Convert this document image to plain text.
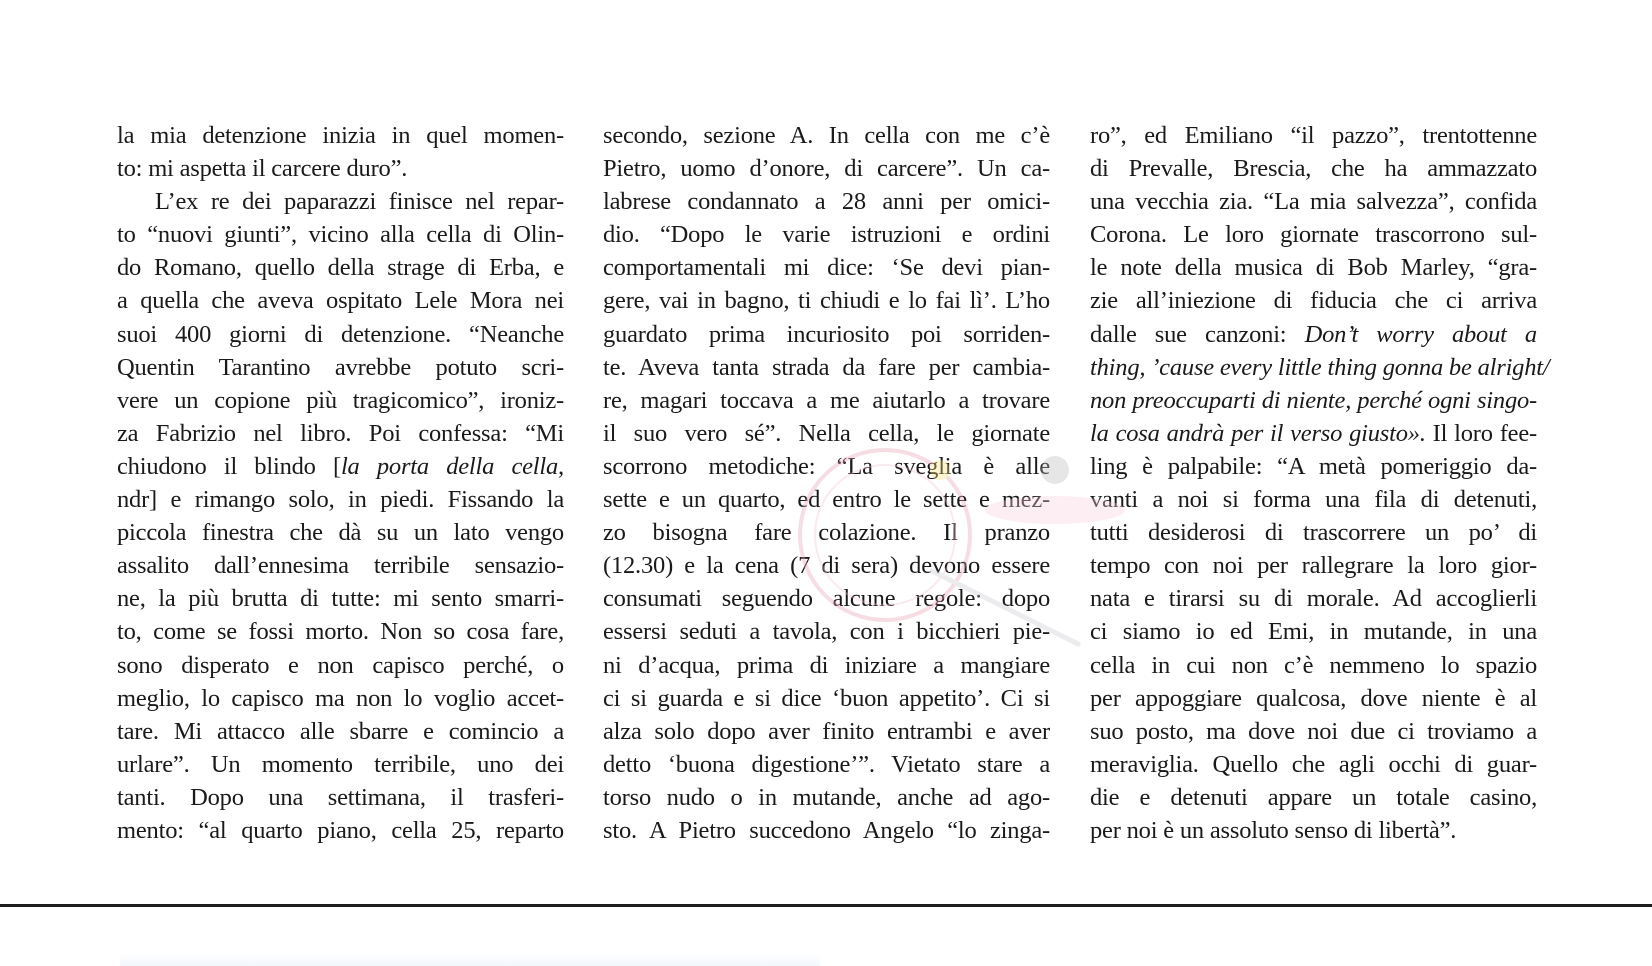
la mia detenzione inizia in quel momen-
to: mi aspetta il carcere duro”.
L’ex re dei paparazzi finisce nel repar-
to “nuovi giunti”, vicino alla cella di Olin-
do Romano, quello della strage di Erba, e
a quella che aveva ospitato Lele Mora nei
suoi 400 giorni di detenzione. “Neanche
Quentin Tarantino avrebbe potuto scri-
vere un copione più tragicomico”, ironiz-
za Fabrizio nel libro. Poi confessa: “Mi
chiudono il blindo [la porta della cella,
ndr] e rimango solo, in piedi. Fissando la
piccola finestra che dà su un lato vengo
assalito dall’ennesima terribile sensazio-
ne, la più brutta di tutte: mi sento smarri-
to, come se fossi morto. Non so cosa fare,
sono disperato e non capisco perché, o
meglio, lo capisco ma non lo voglio accet-
tare. Mi attacco alle sbarre e comincio a
urlare”. Un momento terribile, uno dei
tanti. Dopo una settimana, il trasferi-
mento: “al quarto piano, cella 25, reparto
secondo, sezione A. In cella con me c’è
Pietro, uomo d’onore, di carcere”. Un ca-
labrese condannato a 28 anni per omici-
dio. “Dopo le varie istruzioni e ordini
comportamentali mi dice: ‘Se devi pian-
gere, vai in bagno, ti chiudi e lo fai lì’. L’ho
guardato prima incuriosito poi sorriden-
te. Aveva tanta strada da fare per cambia-
re, magari toccava a me aiutarlo a trovare
il suo vero sé”. Nella cella, le giornate
scorrono metodiche: “La sveglia è alle
sette e un quarto, ed entro le sette e mez-
zo bisogna fare colazione. Il pranzo
(12.30) e la cena (7 di sera) devono essere
consumati seguendo alcune regole: dopo
essersi seduti a tavola, con i bicchieri pie-
ni d’acqua, prima di iniziare a mangiare
ci si guarda e si dice ‘buon appetito’. Ci si
alza solo dopo aver finito entrambi e aver
detto ‘buona digestione’”. Vietato stare a
torso nudo o in mutande, anche ad ago-
sto. A Pietro succedono Angelo “lo zinga-
ro”, ed Emiliano “il pazzo”, trentottenne
di Prevalle, Brescia, che ha ammazzato
una vecchia zia. “La mia salvezza”, confida
Corona. Le loro giornate trascorrono sul-
le note della musica di Bob Marley, “gra-
zie all’iniezione di fiducia che ci arriva
dalle sue canzoni: Don’t worry about a
thing, ’cause every little thing gonna be alright/
non preoccuparti di niente, perché ogni singo-
la cosa andrà per il verso giusto». Il loro fee-
ling è palpabile: “A metà pomeriggio da-
vanti a noi si forma una fila di detenuti,
tutti desiderosi di trascorrere un po’ di
tempo con noi per rallegrare la loro gior-
nata e tirarsi su di morale. Ad accoglierli
ci siamo io ed Emi, in mutande, in una
cella in cui non c’è nemmeno lo spazio
per appoggiare qualcosa, dove niente è al
suo posto, ma dove noi due ci troviamo a
meraviglia. Quello che agli occhi di guar-
die e detenuti appare un totale casino,
per noi è un assoluto senso di libertà”.
